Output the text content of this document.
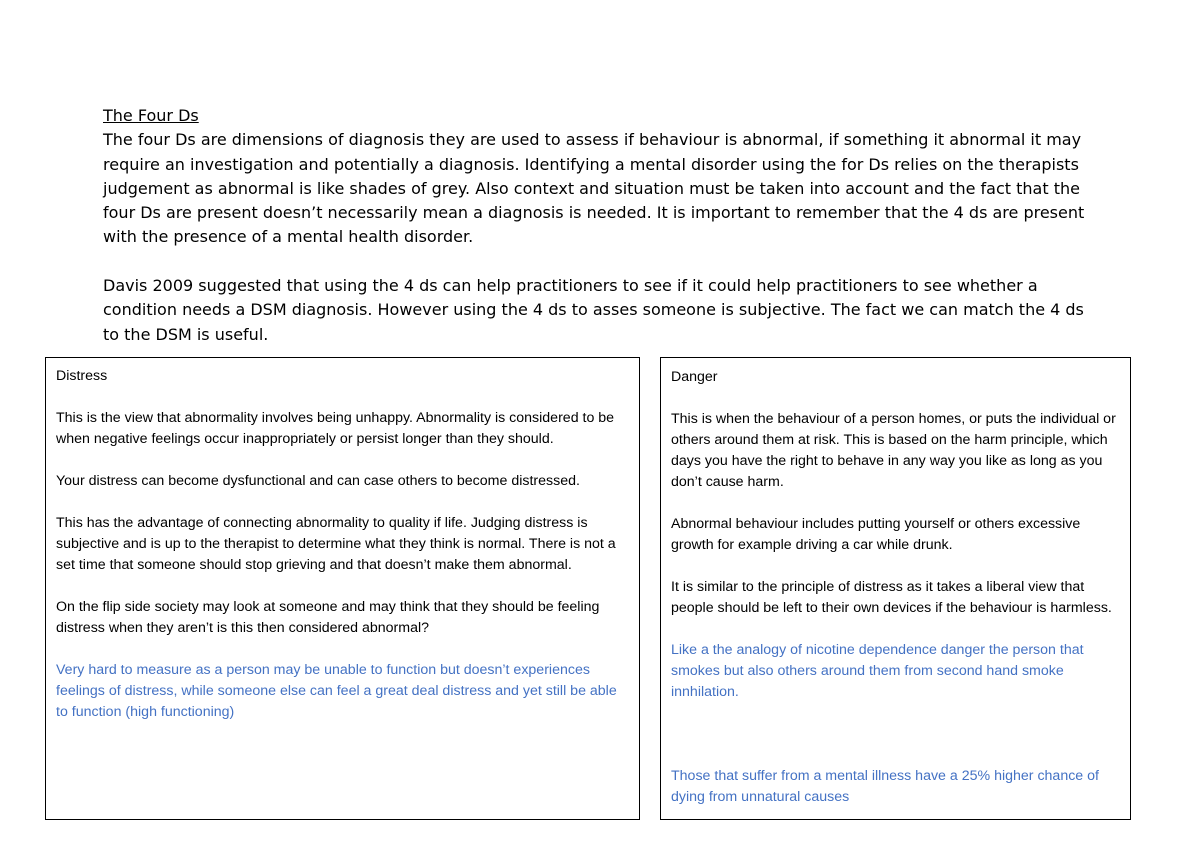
The Four Ds

The four Ds are dimensions of diagnosis they are used to assess if behaviour is abnormal, if something it abnormal it may require an investigation and potentially a diagnosis. Identifying a mental disorder using the for Ds relies on the therapists judgement as abnormal is like shades of grey. Also context and situation must be taken into account and the fact that the four Ds are present doesn’t necessarily mean a diagnosis is needed. It is important to remember that the 4 ds are present with the presence of a mental health disorder.

Davis 2009 suggested that using the 4 ds can help practitioners to see if it could help practitioners to see whether a condition needs a DSM diagnosis. However using the 4 ds to asses someone is subjective. The fact we can match the 4 ds to the DSM is useful.

Distress

This is the view that abnormality involves being unhappy. Abnormality is considered to be when negative feelings occur inappropriately or persist longer than they should.

Your distress can become dysfunctional and can case others to become distressed.

This has the advantage of connecting abnormality to quality if life. Judging distress is subjective and is up to the therapist to determine what they think is normal. There is not a set time that someone should stop grieving and that doesn’t make them abnormal.

On the flip side society may look at someone and may think that they should be feeling distress when they aren’t is this then considered abnormal?

Very hard to measure as a person may be unable to function but doesn’t experiences feelings of distress, while someone else can feel a great deal distress and yet still be able to function (high functioning)

Danger

This is when the behaviour of a person homes, or puts the individual or others around them at risk. This is based on the harm principle, which days you have the right to behave in any way you like as long as you don’t cause harm.

Abnormal behaviour includes putting yourself or others excessive growth for example driving a car while drunk.

It is similar to the principle of distress as it takes a liberal view that people should be left to their own devices if the behaviour is harmless.

Like a the analogy of nicotine dependence danger the person that smokes but also others around them from second hand smoke innhilation.

Those that suffer from a mental illness have a 25% higher chance of dying from unnatural causes
